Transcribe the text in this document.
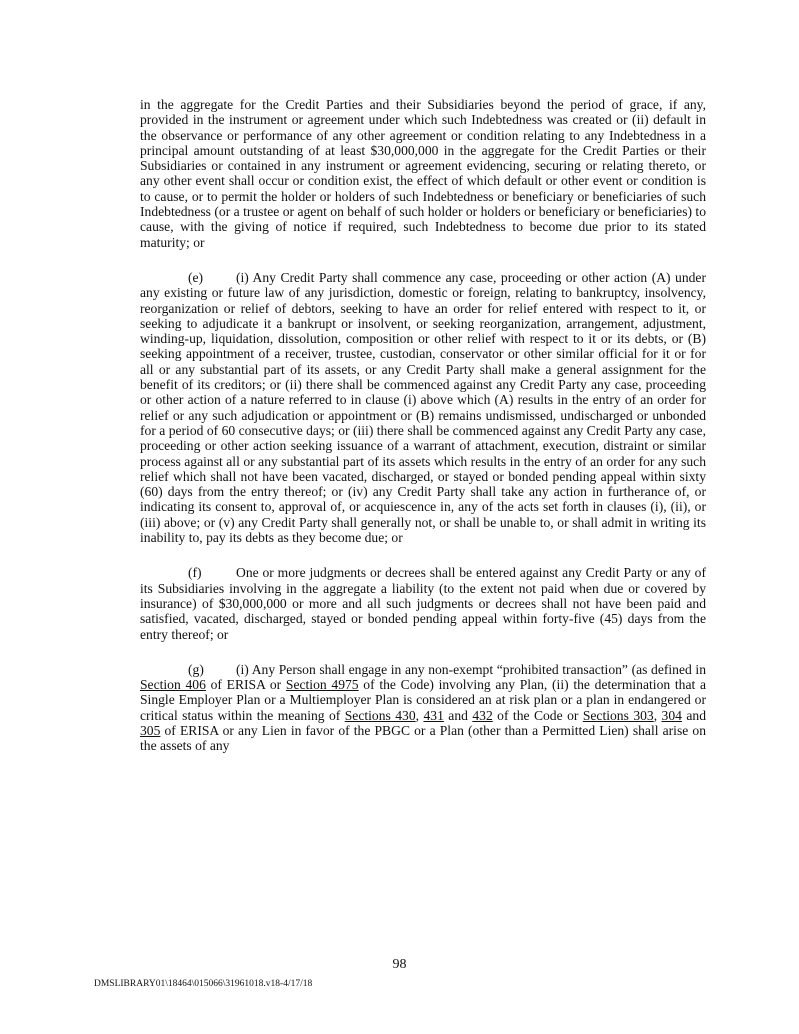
in the aggregate for the Credit Parties and their Subsidiaries beyond the period of grace, if any, provided in the instrument or agreement under which such Indebtedness was created or (ii) default in the observance or performance of any other agreement or condition relating to any Indebtedness in a principal amount outstanding of at least $30,000,000 in the aggregate for the Credit Parties or their Subsidiaries or contained in any instrument or agreement evidencing, securing or relating thereto, or any other event shall occur or condition exist, the effect of which default or other event or condition is to cause, or to permit the holder or holders of such Indebtedness or beneficiary or beneficiaries of such Indebtedness (or a trustee or agent on behalf of such holder or holders or beneficiary or beneficiaries) to cause, with the giving of notice if required, such Indebtedness to become due prior to its stated maturity; or

(e) (i) Any Credit Party shall commence any case, proceeding or other action (A) under any existing or future law of any jurisdiction, domestic or foreign, relating to bankruptcy, insolvency, reorganization or relief of debtors, seeking to have an order for relief entered with respect to it, or seeking to adjudicate it a bankrupt or insolvent, or seeking reorganization, arrangement, adjustment, winding-up, liquidation, dissolution, composition or other relief with respect to it or its debts, or (B) seeking appointment of a receiver, trustee, custodian, conservator or other similar official for it or for all or any substantial part of its assets, or any Credit Party shall make a general assignment for the benefit of its creditors; or (ii) there shall be commenced against any Credit Party any case, proceeding or other action of a nature referred to in clause (i) above which (A) results in the entry of an order for relief or any such adjudication or appointment or (B) remains undismissed, undischarged or unbonded for a period of 60 consecutive days; or (iii) there shall be commenced against any Credit Party any case, proceeding or other action seeking issuance of a warrant of attachment, execution, distraint or similar process against all or any substantial part of its assets which results in the entry of an order for any such relief which shall not have been vacated, discharged, or stayed or bonded pending appeal within sixty (60) days from the entry thereof; or (iv) any Credit Party shall take any action in furtherance of, or indicating its consent to, approval of, or acquiescence in, any of the acts set forth in clauses (i), (ii), or (iii) above; or (v) any Credit Party shall generally not, or shall be unable to, or shall admit in writing its inability to, pay its debts as they become due; or

(f)	One or more judgments or decrees shall be entered against any Credit Party or any of its Subsidiaries involving in the aggregate a liability (to the extent not paid when due or covered by insurance) of $30,000,000 or more and all such judgments or decrees shall not have been paid and satisfied, vacated, discharged, stayed or bonded pending appeal within forty-five (45) days from the entry thereof; or

(g) (i) Any Person shall engage in any non-exempt “prohibited transaction” (as defined in Section 406 of ERISA or Section 4975 of the Code) involving any Plan, (ii) the determination that a Single Employer Plan or a Multiemployer Plan is considered an at risk plan or a plan in endangered or critical status within the meaning of Sections 430, 431 and 432 of the Code or Sections 303, 304 and 305 of ERISA or any Lien in favor of the PBGC or a Plan (other than a Permitted Lien) shall arise on the assets of any

98
DMSLIBRARY01\18464\015066\31961018.v18-4/17/18
